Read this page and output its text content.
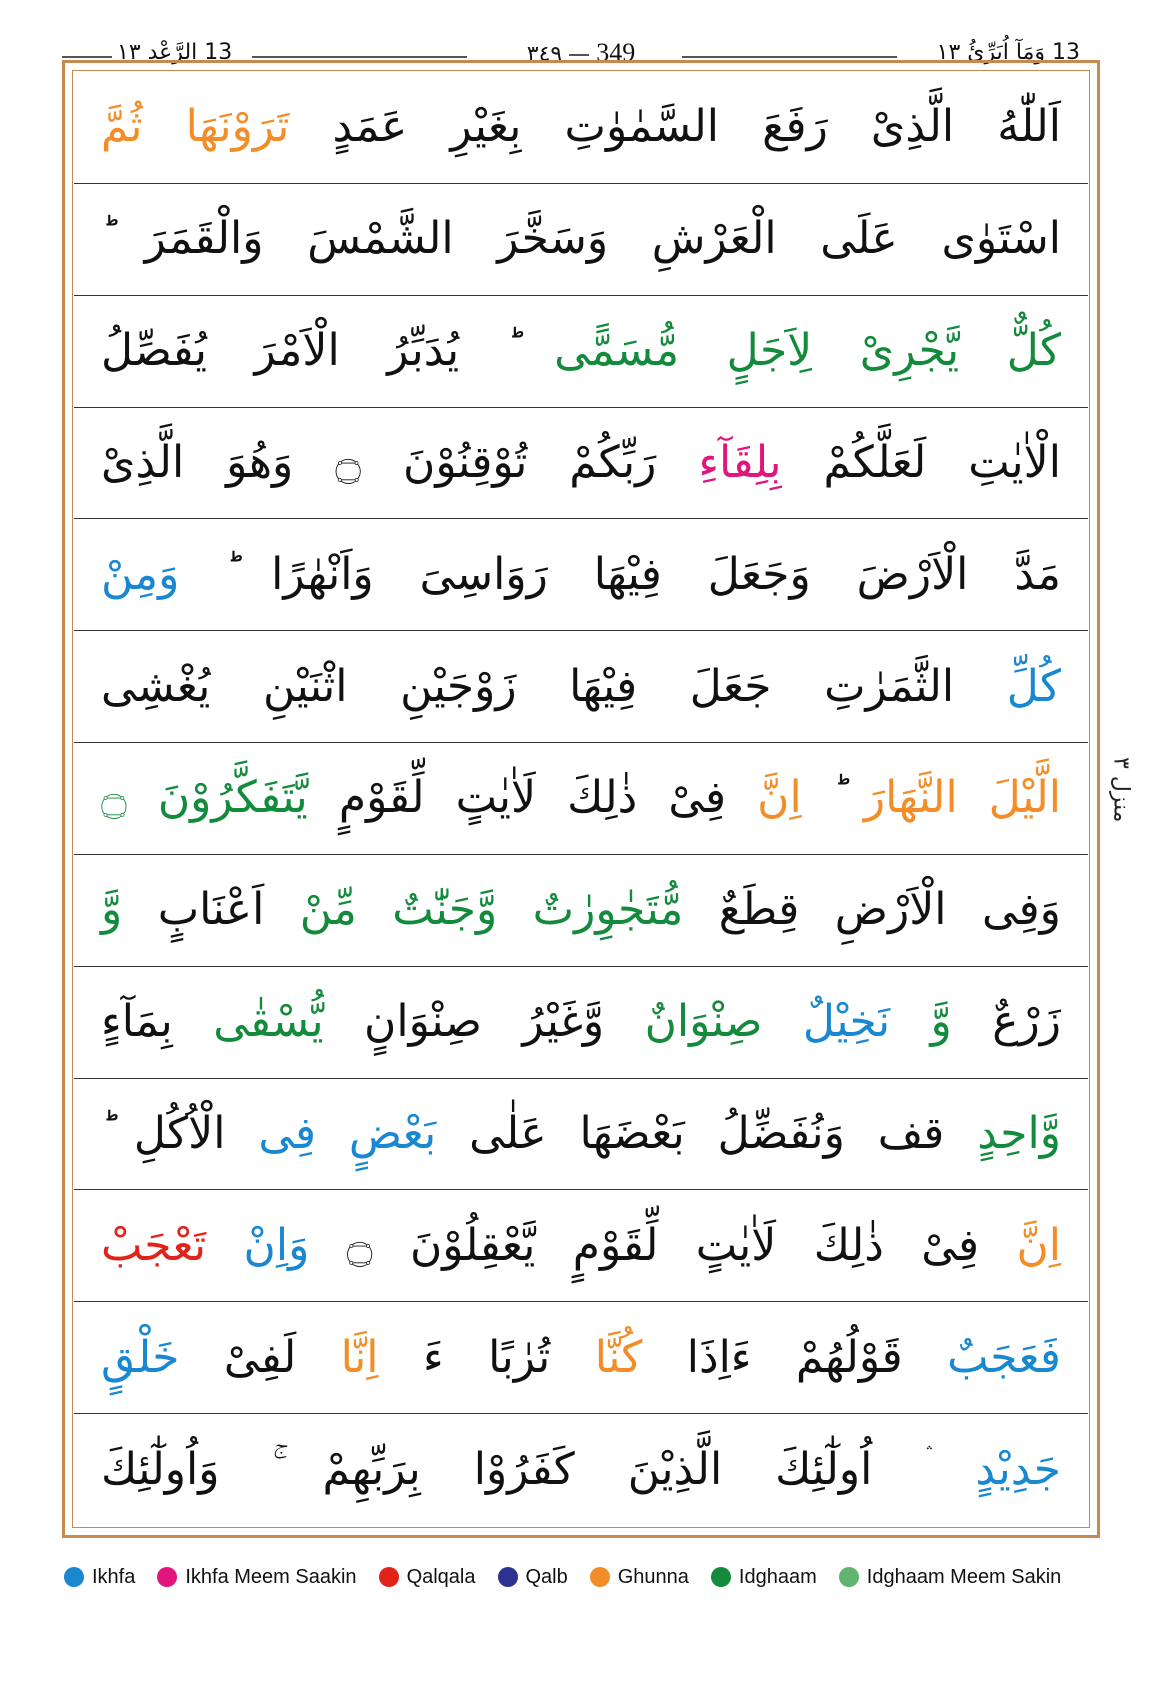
13 الرَّعْد ١٣	٣٤٩ 349	13 وَمَآ اُبَرِّئُ ١٣
اَللّٰهُ الَّذِیْ رَفَعَ السَّمٰوٰتِ بِغَیْرِ عَمَدٍ تَرَوْنَهَا ثُمَّ
اسْتَوٰی عَلَی الْعَرْشِ وَسَخَّرَ الشَّمْسَ وَالْقَمَرَ ؕ
كُلٌّ یَّجْرِیْ لِاَجَلٍ مُّسَمًّی ؕ یُدَبِّرُ الْاَمْرَ یُفَصِّلُ
الْاٰیٰتِ لَعَلَّكُمْ بِلِقَآءِ رَبِّكُمْ تُوْقِنُوْنَ ۝ وَهُوَ الَّذِیْ
مَدَّ الْاَرْضَ وَجَعَلَ فِیْهَا رَوَاسِیَ وَاَنْهٰرًا ؕ وَمِنْ
كُلِّ الثَّمَرٰتِ جَعَلَ فِیْهَا زَوْجَیْنِ اثْنَیْنِ یُغْشِی
الَّیْلَ النَّهَارَ اِنَّ فِیْ ذٰلِكَ لَاٰیٰتٍ لِّقَوْمٍ یَّتَفَكَّرُوْنَ ۝
وَفِی الْاَرْضِ قِطَعٌ مُّتَجٰوِرٰتٌ وَّجَنّٰتٌ مِّنْ اَعْنَابٍ وَّ
زَرْعٌ وَّ نَخِیْلٌ صِنْوَانٌ وَّغَیْرُ صِنْوَانٍ یُّسْقٰی بِمَآءٍ
وَّاحِدٍ قف وَنُفَضِّلُ بَعْضَهَا عَلٰی بَعْضٍ فِی الْاُكُلِ ؕ
اِنَّ فِیْ ذٰلِكَ لَاٰیٰتٍ لِّقَوْمٍ یَّعْقِلُوْنَ ۝ وَاِنْ تَعْجَبْ
فَعَجَبٌ قَوْلُهُمْ ءَاِذَا كُنَّا تُرٰبًا ءَ اِنَّا لَفِیْ خَلْقٍ
جَدِیْدٍ ۛ اُولٰٓئِكَ الَّذِیْنَ كَفَرُوْا بِرَبِّهِمْ ۚ وَاُولٰٓئِكَ
منزل ٣
Ikhfa	Ikhfa Meem Saakin	Qalqala	Qalb	Ghunna	Idghaam	Idghaam Meem Sakin
